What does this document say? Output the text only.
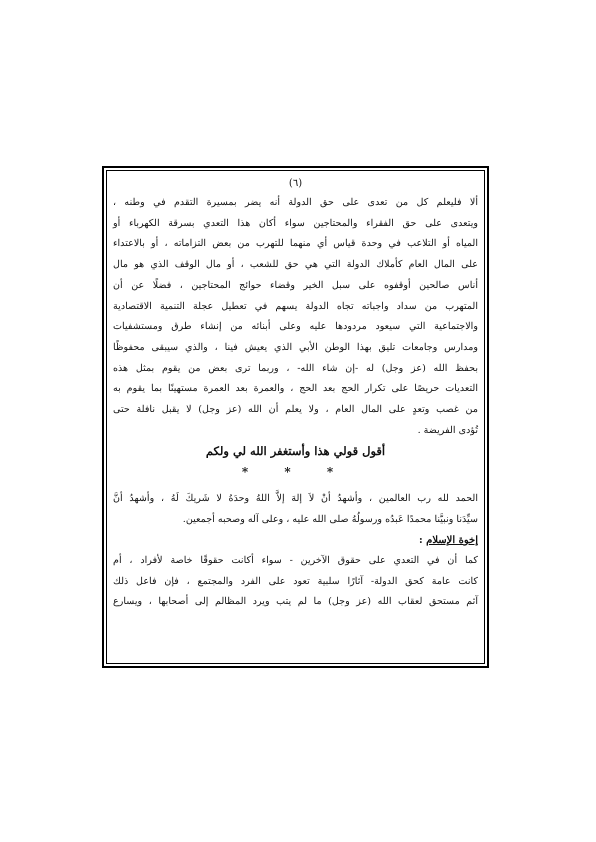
(٦)
ألا فليعلم كل من تعدى على حق الدولة أنه يضر بمسيرة التقدم في وطنه ،
ويتعدى على حق الفقراء والمحتاجين سواء أكان هذا التعدي بسرقة الكهرباء أو
المياه أو التلاعب في وحدة قياس أي منهما للتهرب من بعض التزاماته ، أو بالاعتداء
على المال العام كأملاك الدولة التي هي حق للشعب ، أو مال الوقف الذي هو مال
أناس صالحين أوقفوه على سبل الخير وقضاء حوائج المحتاجين ، فضلًا عن أن
المتهرب من سداد واجباته تجاه الدولة يسهم في تعطيل عجلة التنمية الاقتصادية
والاجتماعية التي سيعود مردودها عليه وعلى أبنائه من إنشاء طرق ومستشفيات
ومدارس وجامعات تليق بهذا الوطن الأبي الذي يعيش فينا ، والذي سيبقى محفوظًا
بحفظ الله (عز وجل) له -إن شاء الله- ، وربما ترى بعض من يقوم بمثل هذه
التعديات حريصًا على تكرار الحج بعد الحج ، والعمرة بعد العمرة مستهينًا بما يقوم به
من غصب وتعدٍ على المال العام ، ولا يعلم أن الله (عز وجل) لا يقبل نافلة حتى
تُؤدى الفريضة .
أقول قولي هذا وأستغفر الله لي ولكم
* * *
الحمد لله رب العالمين ، وأشهدُ أنْ لاَ إلهَ إلاَّ اللهُ وحدَهُ لا شَريكَ لَهُ ، وأشهدُ أنَّ
سيِّدَنا ونبيَّنا محمدًا عَبدُه ورسولُهُ صلى الله عليه ، وعلى آله وصحبه أجمعين.
إخوة الإسلام :
كما أن في التعدي على حقوق الآخرين - سواء أكانت حقوقًا خاصة لأفراد ، أم
كانت عامة كحق الدولة- آثارًا سلبية تعود على الفرد والمجتمع ، فإن فاعل ذلك
آثم مستحق لعقاب الله (عز وجل) ما لم يتب ويرد المظالم إلى أصحابها ، ويسارع
